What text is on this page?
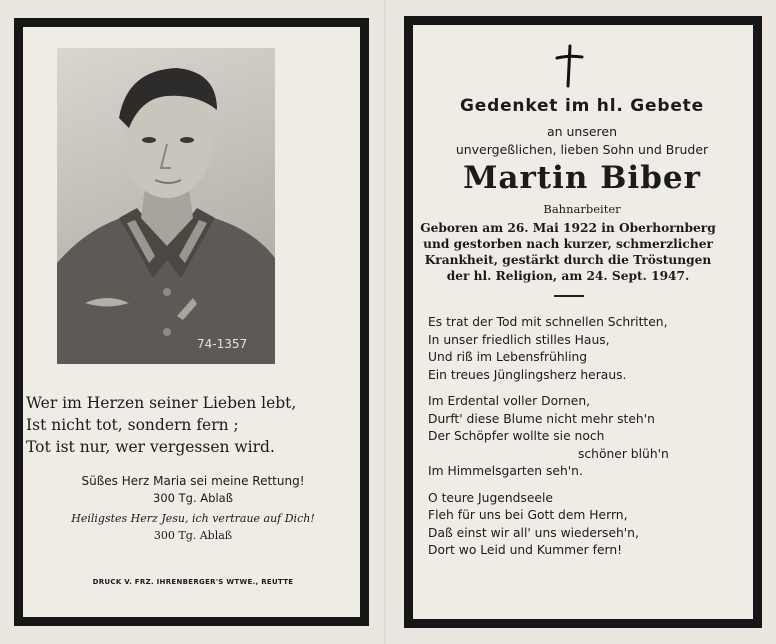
74-1357
Wer im Herzen seiner Lieben lebt,
Ist nicht tot, sondern fern ;
Tot ist nur, wer vergessen wird.
Süßes Herz Maria sei meine Rettung!
300 Tg. Ablaß
Heiligstes Herz Jesu, ich vertraue auf Dich!
300 Tg. Ablaß
DRUCK V. FRZ. IHRENBERGER'S WTWE., REUTTE
Gedenket im hl. Gebete
an unseren
unvergeßlichen, lieben Sohn und Bruder
Martin Biber
Bahnarbeiter
Geboren am 26. Mai 1922 in Oberhornberg
und gestorben nach kurzer, schmerzlicher
Krankheit, gestärkt durch die Tröstungen
der hl. Religion, am 24. Sept. 1947.
Es trat der Tod mit schnellen Schritten,
In unser friedlich stilles Haus,
Und riß im Lebensfrühling
Ein treues Jünglingsherz heraus.
Im Erdental voller Dornen,
Durft' diese Blume nicht mehr steh'n
Der Schöpfer wollte sie noch
schöner blüh'n
Im Himmelsgarten seh'n.
O teure Jugendseele
Fleh für uns bei Gott dem Herrn,
Daß einst wir all' uns wiederseh'n,
Dort wo Leid und Kummer fern!
